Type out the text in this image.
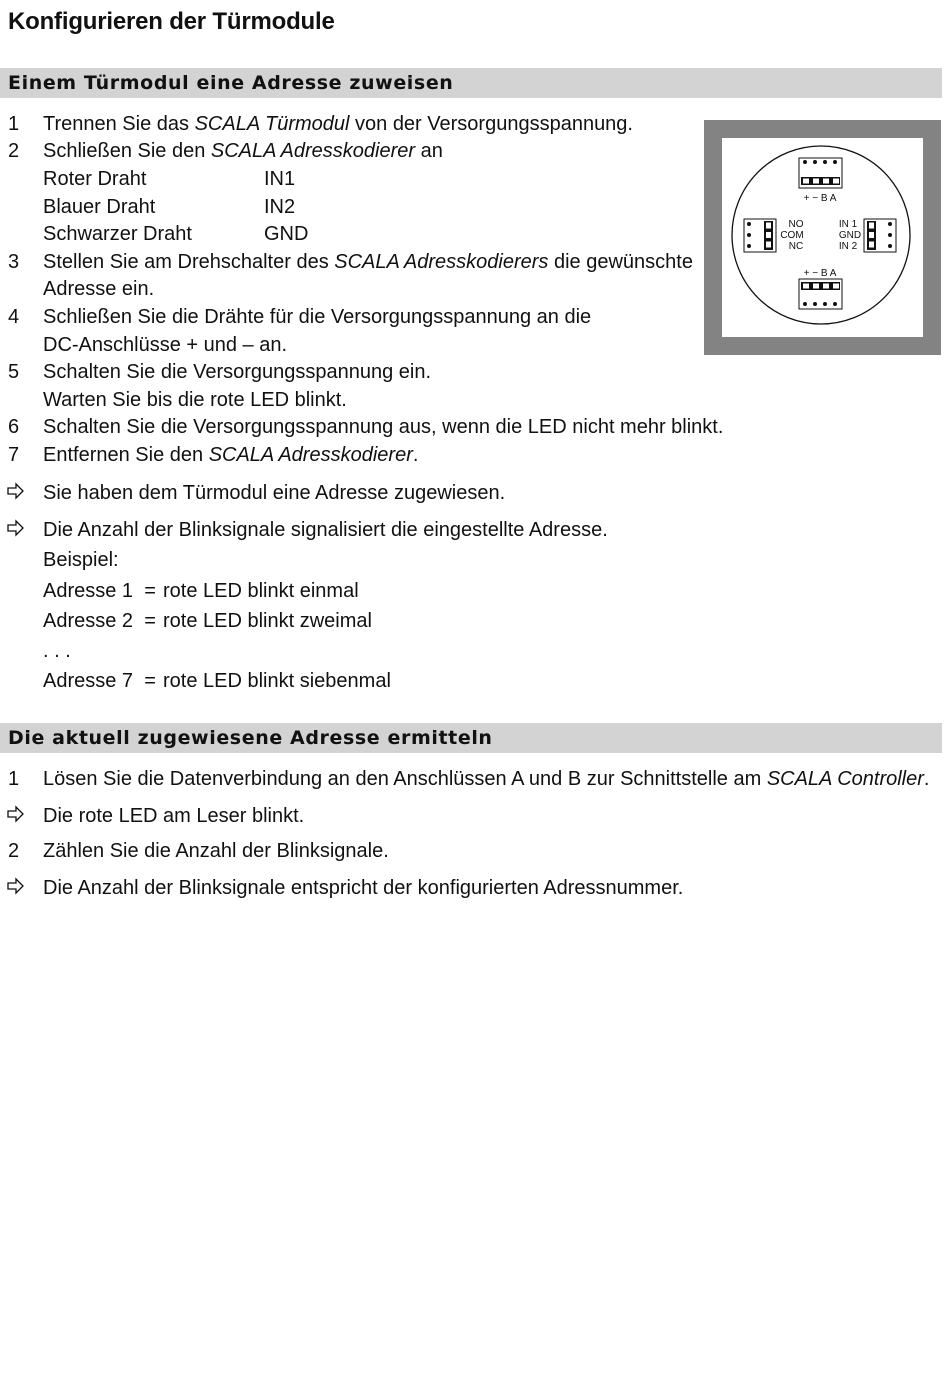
Konfigurieren der Türmodule
Einem Türmodul eine Adresse zuweisen
1 Trennen Sie das SCALA Türmodul von der Versorgungsspannung.
2 Schließen Sie den SCALA Adresskodierer an
Roter Draht	IN1
Blauer Draht	IN2
Schwarzer Draht	GND
3 Stellen Sie am Drehschalter des SCALA Adresskodierers die gewünschte
Adresse ein.
4 Schließen Sie die Drähte für die Versorgungsspannung an die
DC-Anschlüsse + und – an.
5 Schalten Sie die Versorgungsspannung ein.
Warten Sie bis die rote LED blinkt.
6 Schalten Sie die Versorgungsspannung aus, wenn die LED nicht mehr blinkt.
7 Entfernen Sie den SCALA Adresskodierer.
Sie haben dem Türmodul eine Adresse zugewiesen.
Die Anzahl der Blinksignale signalisiert die eingestellte Adresse.
Beispiel:
Adresse 1 = rote LED blinkt einmal
Adresse 2 = rote LED blinkt zweimal
. . .
Adresse 7 = rote LED blinkt siebenmal
Die aktuell zugewiesene Adresse ermitteln
1 Lösen Sie die Datenverbindung an den Anschlüssen A und B zur Schnittstelle am SCALA Controller.
Die rote LED am Leser blinkt.
2 Zählen Sie die Anzahl der Blinksignale.
Die Anzahl der Blinksignale entspricht der konfigurierten Adressnummer.
+ − B A
+ − B A
NO
COM
NC
IN 1
GND
IN 2
